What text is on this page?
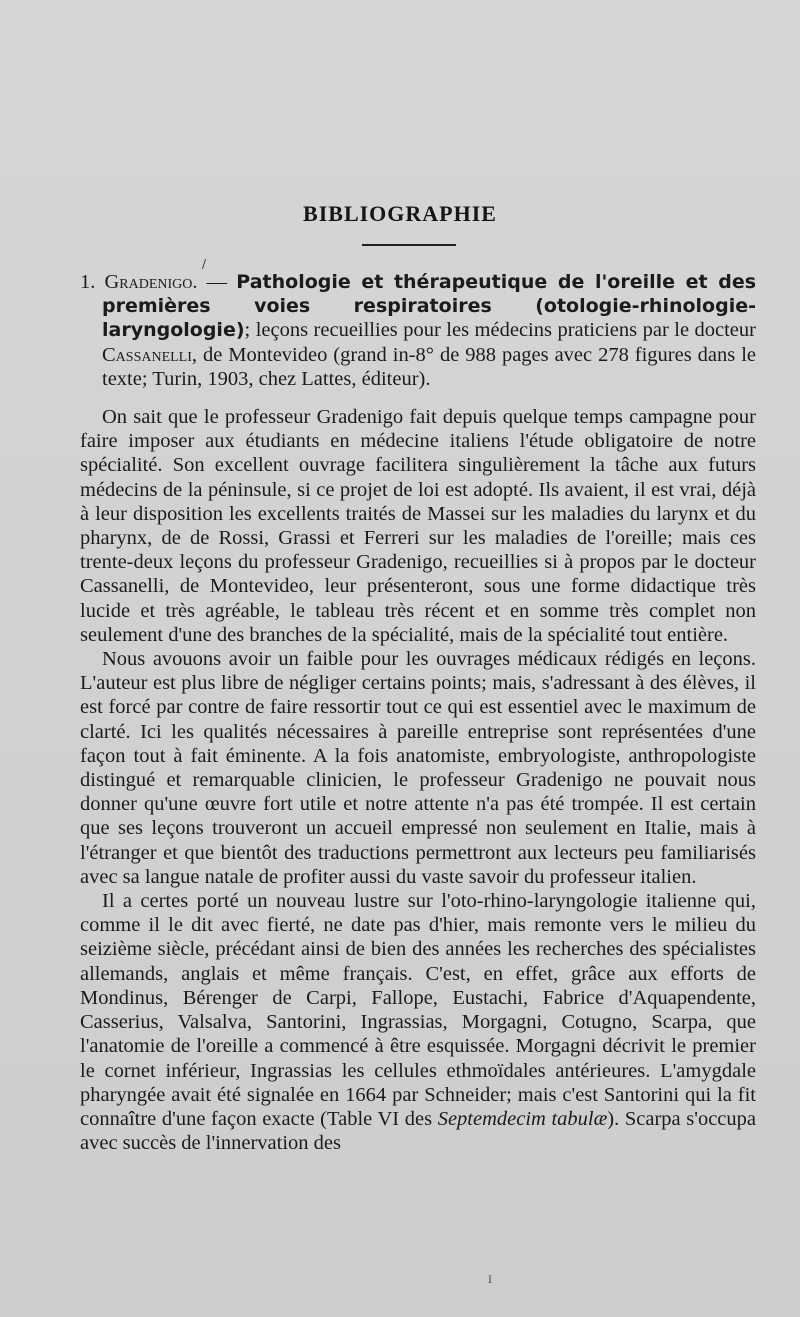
BIBLIOGRAPHIE
/

1. Gradenigo. — Pathologie et thérapeutique de l'oreille et des premières voies respiratoires (otologie-rhinologie-laryngologie); leçons recueillies pour les médecins praticiens par le docteur Cassanelli, de Montevideo (grand in-8° de 988 pages avec 278 figures dans le texte; Turin, 1903, chez Lattes, éditeur).

On sait que le professeur Gradenigo fait depuis quelque temps campagne pour faire imposer aux étudiants en médecine italiens l'étude obligatoire de notre spécialité. Son excellent ouvrage facilitera singulièrement la tâche aux futurs médecins de la péninsule, si ce projet de loi est adopté. Ils avaient, il est vrai, déjà à leur disposition les excellents traités de Massei sur les maladies du larynx et du pharynx, de de Rossi, Grassi et Ferreri sur les maladies de l'oreille; mais ces trente-deux leçons du professeur Gradenigo, recueillies si à propos par le docteur Cassanelli, de Montevideo, leur présenteront, sous une forme didactique très lucide et très agréable, le tableau très récent et en somme très complet non seulement d'une des branches de la spécialité, mais de la spécialité tout entière.

Nous avouons avoir un faible pour les ouvrages médicaux rédigés en leçons. L'auteur est plus libre de négliger certains points; mais, s'adressant à des élèves, il est forcé par contre de faire ressortir tout ce qui est essentiel avec le maximum de clarté. Ici les qualités nécessaires à pareille entreprise sont représentées d'une façon tout à fait éminente. A la fois anatomiste, embryologiste, anthropologiste distingué et remarquable clinicien, le professeur Gradenigo ne pouvait nous donner qu'une œuvre fort utile et notre attente n'a pas été trompée. Il est certain que ses leçons trouveront un accueil empressé non seulement en Italie, mais à l'étranger et que bientôt des traductions permettront aux lecteurs peu familiarisés avec sa langue natale de profiter aussi du vaste savoir du professeur italien.

Il a certes porté un nouveau lustre sur l'oto-rhino-laryngologie italienne qui, comme il le dit avec fierté, ne date pas d'hier, mais remonte vers le milieu du seizième siècle, précédant ainsi de bien des années les recherches des spécialistes allemands, anglais et même français. C'est, en effet, grâce aux efforts de Mondinus, Bérenger de Carpi, Fallope, Eustachi, Fabrice d'Aquapendente, Casserius, Valsalva, Santorini, Ingrassias, Morgagni, Cotugno, Scarpa, que l'anatomie de l'oreille a commencé à être esquissée. Morgagni décrivit le premier le cornet inférieur, Ingrassias les cellules ethmoïdales antérieures. L'amygdale pharyngée avait été signalée en 1664 par Schneider; mais c'est Santorini qui la fit connaître d'une façon exacte (Table VI des Septemdecim tabulæ). Scarpa s'occupa avec succès de l'innervation des

I
